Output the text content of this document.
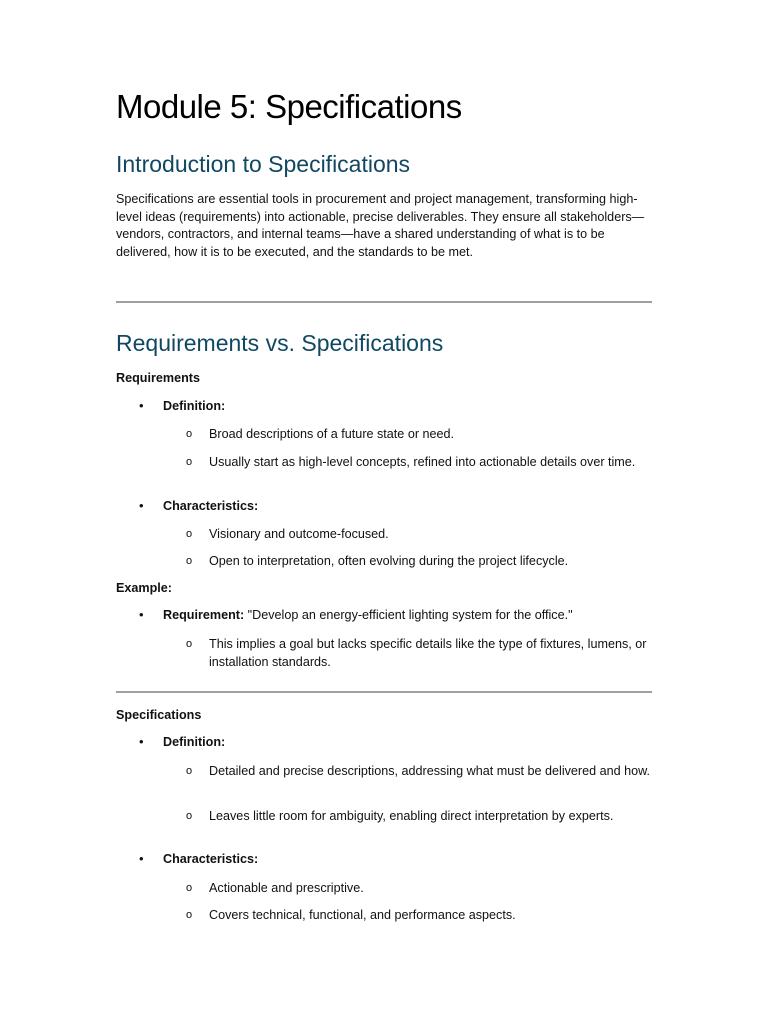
Module 5: Specifications
Introduction to Specifications

Specifications are essential tools in procurement and project management, transforming high-level ideas (requirements) into actionable, precise deliverables. They ensure all stakeholders—vendors, contractors, and internal teams—have a shared understanding of what is to be delivered, how it is to be executed, and the standards to be met.

Requirements vs. Specifications
Requirements
• Definition:
o Broad descriptions of a future state or need.
o Usually start as high-level concepts, refined into actionable details over time.
• Characteristics:
o Visionary and outcome-focused.
o Open to interpretation, often evolving during the project lifecycle.
Example:
• Requirement: "Develop an energy-efficient lighting system for the office."
o This implies a goal but lacks specific details like the type of fixtures, lumens, or installation standards.
Specifications
• Definition:
o Detailed and precise descriptions, addressing what must be delivered and how.
o Leaves little room for ambiguity, enabling direct interpretation by experts.
• Characteristics:
o Actionable and prescriptive.
o Covers technical, functional, and performance aspects.
